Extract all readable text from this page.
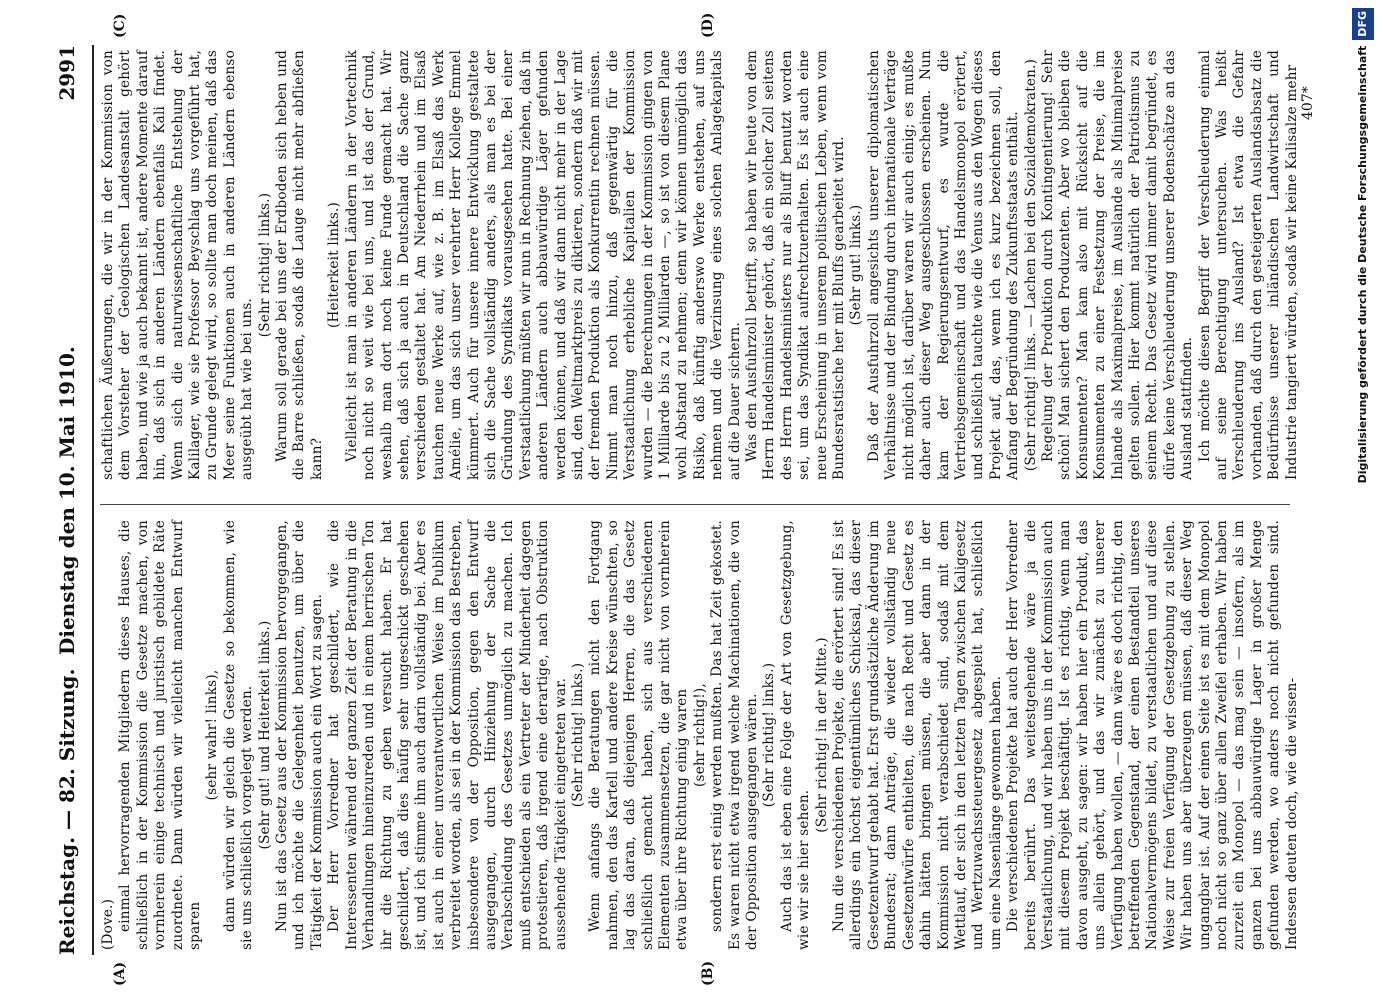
Reichstag. — 82. Sitzung.
Dienstag den 10. Mai 1910.
2991
(A)	(B)
(C)	(D)

(Dove.) einmal hervorragenden Mitgliedern dieses Hauses, die schließlich in der Kommission die Gesetze machen, von vornherein einige technisch und juristisch gebildete Räte zuordnete. Dann würden wir vielleicht manchen Entwurf sparen

(sehr wahr! links), dann würden wir gleich die Gesetze so bekommen, wie sie uns schließlich vorgelegt werden. (Sehr gut! und Heiterkeit links.) Nun ist das Gesetz aus der Kommission hervorgegangen, und ich möchte die Gelegenheit benutzen, um über die Tätigkeit der Kommission auch ein Wort zu sagen. Der Herr Vorredner hat geschildert, wie die Interessenten während der ganzen Zeit der Beratung in die Verhandlungen hineinzureden und in einem herrischen Ton ihr die Richtung zu geben versucht haben. Er hat geschildert, daß dies häufig sehr ungeschickt geschehen ist, und ich stimme ihm auch darin vollständig bei. Aber es ist auch in einer unverantwortlichen Weise im Publikum verbreitet worden, als sei in der Kommission das Bestreben, insbesondere von der Opposition, gegen den Entwurf ausgegangen, durch Hinziehung der Sache die Verabschiedung des Gesetzes unmöglich zu machen. Ich muß entschieden als ein Vertreter der Minderheit dagegen protestieren, daß irgend eine derartige, nach Obstruktion aussehende Tätigkeit eingetreten war. (Sehr richtig! links.) Wenn anfangs die Beratungen nicht den Fortgang nahmen, den das Kartell und andere Kreise wünschten, so lag das daran, daß diejenigen Herren, die das Gesetz schließlich gemacht haben, sich aus verschiedenen Elementen zusammensetzen, die gar nicht von vornherein etwa über ihre Richtung einig waren (sehr richtig!), sondern erst einig werden mußten. Das hat Zeit gekostet. Es waren nicht etwa irgend welche Machinationen, die von der Opposition ausgegangen wären. (Sehr richtig! links.) Auch das ist eben eine Folge der Art von Gesetzgebung, wie wir sie hier sehen.

(Sehr richtig! in der Mitte.) Nun die verschiedenen Projekte, die erörtert sind! Es ist allerdings ein höchst eigentümliches Schicksal, das dieser Gesetzentwurf gehabt hat. Erst grundsätzliche Änderung im Bundesrat; dann Anträge, die wieder vollständig neue Gesetzentwürfe enthielten, die nach Recht und Gesetz es dahin hätten bringen müssen, die aber dann in der Kommission nicht verabschiedet sind, sodaß mit dem Wettlauf, der sich in den letzten Tagen zwischen Kaligesetz und Wertzuwachssteuergesetz abgespielt hat, schließlich um eine Nasenlänge gewonnen haben. Die verschiedenen Projekte hat auch der Herr Vorredner bereits berührt. Das weitestgehende wäre ja die Verstaatlichung, und wir haben uns in der Kommission auch mit diesem Projekt beschäftigt. Ist es richtig, wenn man davon ausgeht, zu sagen: wir haben hier ein Produkt, das uns allein gehört, und das wir zunächst zu unserer Verfügung haben wollen, — dann wäre es doch richtig, den betreffenden Gegenstand, der einen Bestandteil unseres Nationalvermögens bildet, zu verstaatlichen und auf diese Weise zur freien Verfügung der Gesetzgebung zu stellen. Wir haben uns aber überzeugen müssen, daß dieser Weg ungangbar ist. Auf der einen Seite ist es mit dem Monopol noch nicht so ganz über allen Zweifel erhaben. Wir haben zurzeit ein Monopol — das mag sein — insofern, als im ganzen bei uns abbauwürdige Lager in großer Menge gefunden werden, wo anders noch nicht gefunden sind. Indessen deuten doch, wie die wissen-

schaftlichen Äußerungen, die wir in der Kommission von dem Vorsteher der Geologischen Landesanstalt gehört haben, und wie ja auch bekannt ist, andere Momente darauf hin, daß sich in anderen Ländern ebenfalls Kali findet. Wenn sich die naturwissenschaftliche Entstehung der Kalilager, wie sie Professor Beyschlag uns vorgeführt hat, zu Grunde gelegt wird, so sollte man doch meinen, daß das Meer seine Funktionen auch in anderen Ländern ebenso ausgeübt hat wie bei uns.

(Sehr richtig! links.) Warum soll gerade bei uns der Erdboden sich heben und die Barre schließen, sodaß die Lauge nicht mehr abfließen kann?

(Heiterkeit links.) Vielleicht ist man in anderen Ländern in der Vortechnik noch nicht so weit wie bei uns, und ist das der Grund, weshalb man dort noch keine Funde gemacht hat. Wir sehen, daß sich ja auch in Deutschland die Sache ganz verschieden gestaltet hat. Am Niederrhein und im Elsaß tauchen neue Werke auf, wie z. B. im Elsaß das Werk Amélie, um das sich unser verehrter Herr Kollege Emmel kümmert. Auch für unsere innere Entwicklung gestaltete sich die Sache vollständig anders, als man es bei der Gründung des Syndikats vorausgesehen hatte. Bei einer Verstaatlichung müßten wir nun in Rechnung ziehen, daß in anderen Ländern auch abbauwürdige Läger gefunden werden können, und daß wir dann nicht mehr in der Lage sind, den Weltmarktpreis zu diktieren, sondern daß wir mit der fremden Produktion als Konkurrentin rechnen müssen. Nimmt man noch hinzu, daß gegenwärtig für die Verstaatlichung erhebliche Kapitalien der Kommission wurden — die Berechnungen in der Kommission gingen von 1 Milliarde bis zu 2 Milliarden —, so ist von diesem Plane wohl Abstand zu nehmen; denn wir können unmöglich das Risiko, daß künftig anderswo Werke entstehen, auf uns nehmen und die Verzinsung eines solchen Anlagekapitals auf die Dauer sichern. Was den Ausfuhrzoll betrifft, so haben wir heute von dem Herrn Handelsminister gehört, daß ein solcher Zoll seitens des Herrn Handelsministers nur als Bluff benutzt worden sei, um das Syndikat aufrechtzuerhalten. Es ist auch eine neue Erscheinung in unserem politischen Leben, wenn vom Bundesratstische her mit Bluffs gearbeitet wird. (Sehr gut! links.) Daß der Ausfuhrzoll angesichts unserer diplomatischen Verhältnisse und der Bindung durch internationale Verträge nicht möglich ist, darüber waren wir auch einig; es mußte daher auch dieser Weg ausgeschlossen erscheinen. Nun kam der Regierungsentwurf, es wurde die Vertriebsgemeinschaft und das Handelsmonopol erörtert, und schließlich tauchte wie die Venus aus den Wogen dieses Projekt auf, das, wenn ich es kurz bezeichnen soll, den Anfang der Begründung des Zukunftsstaats enthält. (Sehr richtig! links. — Lachen bei den Sozialdemokraten.) Regelung der Produktion durch Kontingentierung! Sehr schön! Man sichert den Produzenten. Aber wo bleiben die Konsumenten? Man kam also mit Rücksicht auf die Konsumenten zu einer Festsetzung der Preise, die im Inlande als Maximalpreise, im Auslande als Minimalpreise gelten sollen. Hier kommt natürlich der Patriotismus zu seinem Recht. Das Gesetz wird immer damit begründet, es dürfe keine Verschleuderung unserer Bodenschätze an das Ausland stattfinden. Ich möchte diesen Begriff der Verschleuderung einmal auf seine Berechtigung untersuchen. Was heißt Verschleuderung ins Ausland? Ist etwa die Gefahr vorhanden, daß durch den gesteigerten Auslandsabsatz die Bedürfnisse unserer inländischen Landwirtschaft und Industrie tangiert würden, sodaß wir keine Kalisalze mehr 407*	Digitalisierung gefördert durch die Deutsche ForschungsgemeinschaftDFG
